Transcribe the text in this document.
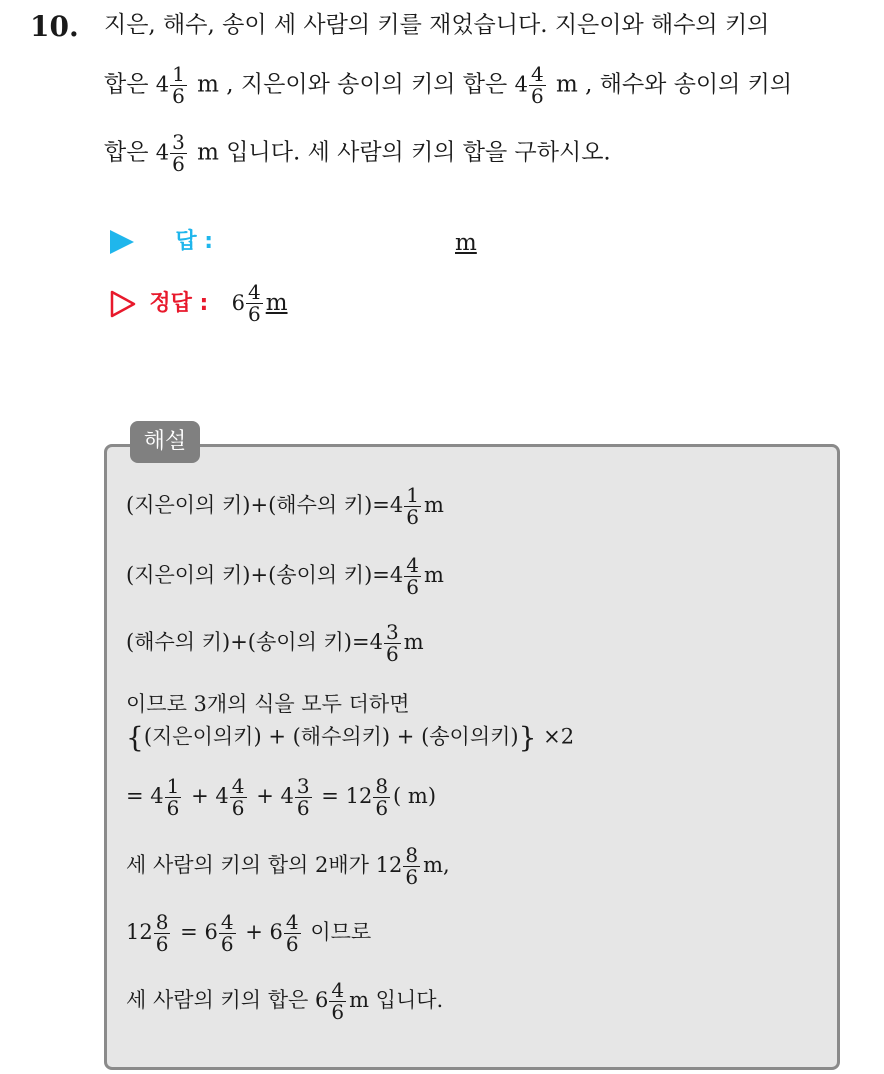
10. 지은, 해수, 송이 세 사람의 키를 재었습니다. 지은이와 해수의 키의
합은 $4 \frac{1}{6}$ m , 지은이와 송이의 키의 합은 $4 \frac{4}{6}$ m , 해수와 송이의 키의
합은 $4 \frac{3}{6}$ m 입니다. 세 사람의 키의 합을 구하시오.
답 :	m
정답 : $6 \frac{4}{6}$ m
해설
(지은이의 키)+(해수의 키)$=4 \frac{1}{6}$ m
(지은이의 키)+(송이의 키)$=4 \frac{4}{6}$ m
(해수의 키)+(송이의 키)$=4 \frac{3}{6}$ m
이므로 3개의 식을 모두 더하면
{(지은이의키) + (해수의키) + (송이의키)} ×2
= $4 \frac{1}{6} + 4 \frac{4}{6} + 4 \frac{3}{6} = 12 \frac{8}{6}$ ( m)
세 사람의 키의 합의 2배가 $12 \frac{8}{6} m$,
$12 \frac{8}{6} = 6 \frac{4}{6} + 6 \frac{4}{6}$ 이므로
세 사람의 키의 합은 $6 \frac{4}{6}$ m 입니다.
